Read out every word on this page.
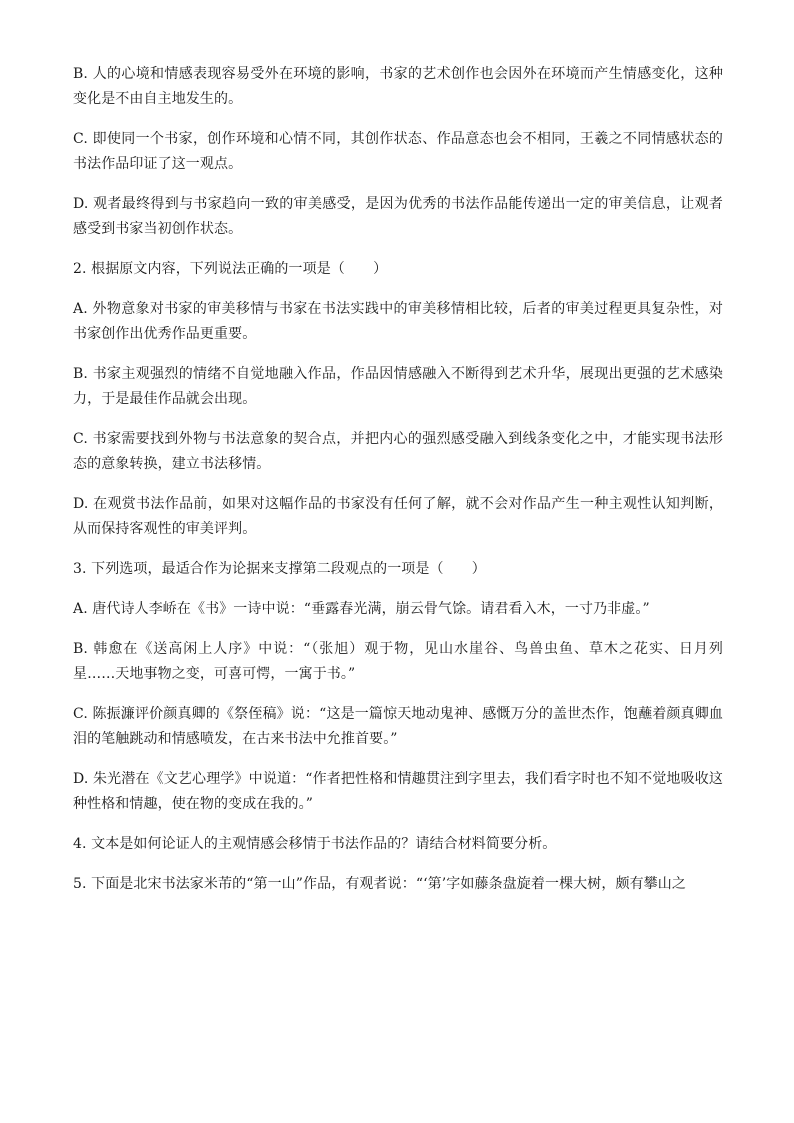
B. 人的心境和情感表现容易受外在环境的影响，书家的艺术创作也会因外在环境而产生情感变化，这种变化是不由自主地发生的。

C. 即使同一个书家，创作环境和心情不同，其创作状态、作品意态也会不相同，王羲之不同情感状态的书法作品印证了这一观点。

D. 观者最终得到与书家趋向一致的审美感受，是因为优秀的书法作品能传递出一定的审美信息，让观者感受到书家当初创作状态。

2. 根据原文内容，下列说法正确的一项是（　　）

A. 外物意象对书家的审美移情与书家在书法实践中的审美移情相比较，后者的审美过程更具复杂性，对书家创作出优秀作品更重要。

B. 书家主观强烈的情绪不自觉地融入作品，作品因情感融入不断得到艺术升华，展现出更强的艺术感染力，于是最佳作品就会出现。

C. 书家需要找到外物与书法意象的契合点，并把内心的强烈感受融入到线条变化之中，才能实现书法形态的意象转换，建立书法移情。

D. 在观赏书法作品前，如果对这幅作品的书家没有任何了解，就不会对作品产生一种主观性认知判断，从而保持客观性的审美评判。

3. 下列选项，最适合作为论据来支撑第二段观点的一项是（　　）

A. 唐代诗人李峤在《书》一诗中说：“垂露春光满，崩云骨气馀。请君看入木，一寸乃非虚。”

B. 韩愈在《送高闲上人序》中说：“（张旭）观于物，见山水崖谷、鸟兽虫鱼、草木之花实、日月列星……天地事物之变，可喜可愕，一寓于书。”

C. 陈振濂评价颜真卿的《祭侄稿》说：“这是一篇惊天地动鬼神、感慨万分的盖世杰作，饱蘸着颜真卿血泪的笔触跳动和情感喷发，在古来书法中允推首要。”

D. 朱光潜在《文艺心理学》中说道：“作者把性格和情趣贯注到字里去，我们看字时也不知不觉地吸收这种性格和情趣，使在物的变成在我的。”

4. 文本是如何论证人的主观情感会移情于书法作品的？请结合材料简要分析。

5. 下面是北宋书法家米芾的“第一山”作品，有观者说：“‘第’字如藤条盘旋着一棵大树，颇有攀山之
